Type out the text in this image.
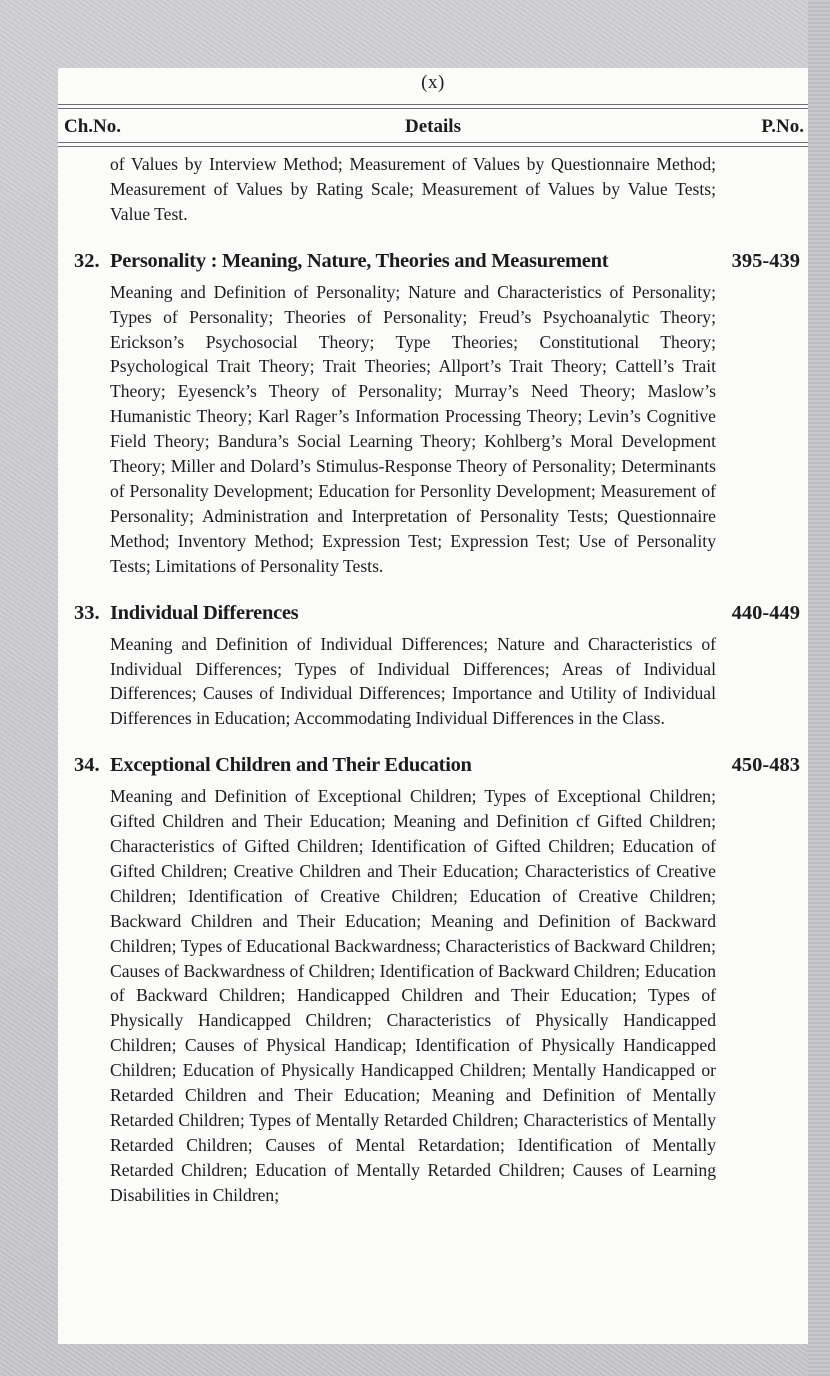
(x)
Ch.No.	Details	P.No.

of Values by Interview Method; Measurement of Values by Questionnaire Method; Measurement of Values by Rating Scale; Measurement of Values by Value Tests; Value Test.

32. Personality : Meaning, Nature, Theories and Measurement	395-439

Meaning and Definition of Personality; Nature and Characteristics of Personality; Types of Personality; Theories of Personality; Freud’s Psychoanalytic Theory; Erickson’s Psychosocial Theory; Type Theories; Constitutional Theory; Psychological Trait Theory; Trait Theories; Allport’s Trait Theory; Cattell’s Trait Theory; Eyesenck’s Theory of Personality; Murray’s Need Theory; Maslow’s Humanistic Theory; Karl Rager’s Information Processing Theory; Levin’s Cognitive Field Theory; Bandura’s Social Learning Theory; Kohlberg’s Moral Development Theory; Miller and Dolard’s Stimulus-Response Theory of Personality; Determinants of Personality Development; Education for Personlity Development; Measurement of Personality; Administration and Interpretation of Personality Tests; Questionnaire Method; Inventory Method; Expression Test; Expression Test; Use of Personality Tests; Limitations of Personality Tests.

33. Individual Differences	440-449

Meaning and Definition of Individual Differences; Nature and Characteristics of Individual Differences; Types of Individual Differences; Areas of Individual Differences; Causes of Individual Differences; Importance and Utility of Individual Differences in Education; Accommodating Individual Differences in the Class.

34. Exceptional Children and Their Education	450-483

Meaning and Definition of Exceptional Children; Types of Exceptional Children; Gifted Children and Their Education; Meaning and Definition cf Gifted Children; Characteristics of Gifted Children; Identification of Gifted Children; Education of Gifted Children; Creative Children and Their Education; Characteristics of Creative Children; Identification of Creative Children; Education of Creative Children; Backward Children and Their Education; Meaning and Definition of Backward Children; Types of Educational Backwardness; Characteristics of Backward Children; Causes of Backwardness of Children; Identification of Backward Children; Education of Backward Children; Handicapped Children and Their Education; Types of Physically Handicapped Children; Characteristics of Physically Handicapped Children; Causes of Physical Handicap; Identification of Physically Handicapped Children; Education of Physically Handicapped Children; Mentally Handicapped or Retarded Children and Their Education; Meaning and Definition of Mentally Retarded Children; Types of Mentally Retarded Children; Characteristics of Mentally Retarded Children; Causes of Mental Retardation; Identification of Mentally Retarded Children; Education of Mentally Retarded Children; Causes of Learning Disabilities in Children;
